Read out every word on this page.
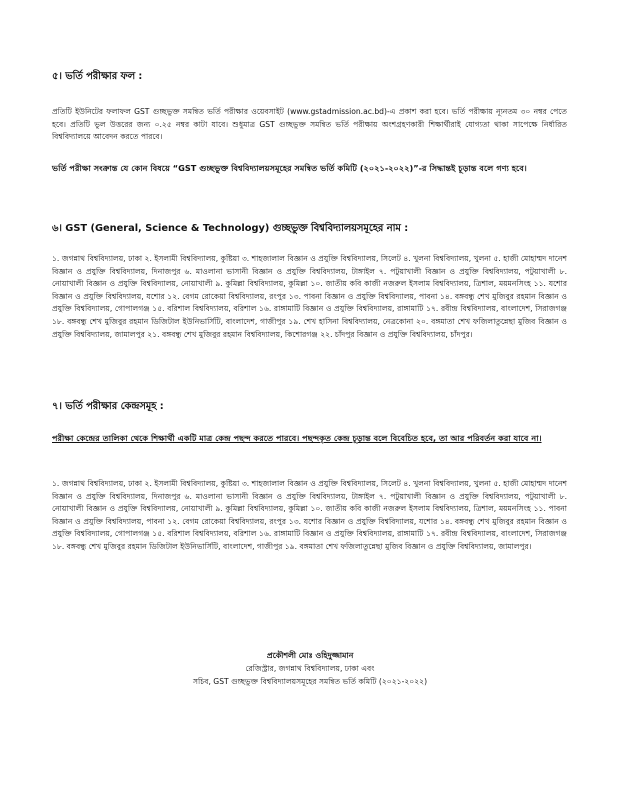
৫। ভর্তি পরীক্ষার ফল :

প্রতিটি ইউনিটের ফলাফল GST গুচ্ছভুক্ত সমন্বিত ভর্তি পরীক্ষার ওয়েবসাইট (www.gstadmission.ac.bd)-এ প্রকাশ করা হবে। ভর্তি পরীক্ষায় ন্যূনতম ৩০ নম্বর পেতে হবে। প্রতিটি ভুল উত্তরের জন্য ০.২৫ নম্বর কাটা যাবে। শুধুমাত্র GST গুচ্ছভুক্ত সমন্বিত ভর্তি পরীক্ষায় অংশগ্রহণকারী শিক্ষার্থীরাই যোগ্যতা থাকা সাপেক্ষে নির্ধারিত বিশ্ববিদ্যালয়ে আবেদন করতে পারবে।

ভর্তি পরীক্ষা সংক্রান্ত যে কোন বিষয়ে “GST গুচ্ছভুক্ত বিশ্ববিদ্যালয়সমূহের সমন্বিত ভর্তি কমিটি (২০২১-২০২২)”-র সিদ্ধান্তই চূড়ান্ত বলে গণ্য হবে।

৬। GST (General, Science & Technology) গুচ্ছভুক্ত বিশ্ববিদ্যালয়সমূহের নাম :

১. জগন্নাথ বিশ্ববিদ্যালয়, ঢাকা ২. ইসলামী বিশ্ববিদ্যালয়, কুষ্টিয়া ৩. শাহজালাল বিজ্ঞান ও প্রযুক্তি বিশ্ববিদ্যালয়, সিলেট ৪. খুলনা বিশ্ববিদ্যালয়, খুলনা ৫. হাজী মোহাম্মদ দানেশ বিজ্ঞান ও প্রযুক্তি বিশ্ববিদ্যালয়, দিনাজপুর ৬. মাওলানা ভাসানী বিজ্ঞান ও প্রযুক্তি বিশ্ববিদ্যালয়, টাঙ্গাইল ৭. পটুয়াখালী বিজ্ঞান ও প্রযুক্তি বিশ্ববিদ্যালয়, পটুয়াখালী ৮. নোয়াখালী বিজ্ঞান ও প্রযুক্তি বিশ্ববিদ্যালয়, নোয়াখালী ৯. কুমিল্লা বিশ্ববিদ্যালয়, কুমিল্লা ১০. জাতীয় কবি কাজী নজরুল ইসলাম বিশ্ববিদ্যালয়, ত্রিশাল, ময়মনসিংহ ১১. যশোর বিজ্ঞান ও প্রযুক্তি বিশ্ববিদ্যালয়, যশোর ১২. বেগম রোকেয়া বিশ্ববিদ্যালয়, রংপুর ১৩. পাবনা বিজ্ঞান ও প্রযুক্তি বিশ্ববিদ্যালয়, পাবনা ১৪. বঙ্গবন্ধু শেখ মুজিবুর রহমান বিজ্ঞান ও প্রযুক্তি বিশ্ববিদ্যালয়, গোপালগঞ্জ ১৫. বরিশাল বিশ্ববিদ্যালয়, বরিশাল ১৬. রাঙ্গামাটি বিজ্ঞান ও প্রযুক্তি বিশ্ববিদ্যালয়, রাঙ্গামাটি ১৭. রবীন্দ্র বিশ্ববিদ্যালয়, বাংলাদেশ, সিরাজগঞ্জ ১৮. বঙ্গবন্ধু শেখ মুজিবুর রহমান ডিজিটাল ইউনিভার্সিটি, বাংলাদেশ, গাজীপুর ১৯. শেখ হাসিনা বিশ্ববিদ্যালয়, নেত্রকোনা ২০. বঙ্গমাতা শেখ ফজিলাতুন্নেছা মুজিব বিজ্ঞান ও প্রযুক্তি বিশ্ববিদ্যালয়, জামালপুর ২১. বঙ্গবন্ধু শেখ মুজিবুর রহমান বিশ্ববিদ্যালয়, কিশোরগঞ্জ ২২. চাঁদপুর বিজ্ঞান ও প্রযুক্তি বিশ্ববিদ্যালয়, চাঁদপুর।

৭। ভর্তি পরীক্ষার কেন্দ্রসমূহ :

পরীক্ষা কেন্দ্রের তালিকা থেকে শিক্ষার্থী একটি মাত্র কেন্দ্র পছন্দ করতে পারবে। পছন্দকৃত কেন্দ্র চূড়ান্ত বলে বিবেচিত হবে, তা আর পরিবর্তন করা যাবে না।

১. জগন্নাথ বিশ্ববিদ্যালয়, ঢাকা ২. ইসলামী বিশ্ববিদ্যালয়, কুষ্টিয়া ৩. শাহজালাল বিজ্ঞান ও প্রযুক্তি বিশ্ববিদ্যালয়, সিলেট ৪. খুলনা বিশ্ববিদ্যালয়, খুলনা ৫. হাজী মোহাম্মদ দানেশ বিজ্ঞান ও প্রযুক্তি বিশ্ববিদ্যালয়, দিনাজপুর ৬. মাওলানা ভাসানী বিজ্ঞান ও প্রযুক্তি বিশ্ববিদ্যালয়, টাঙ্গাইল ৭. পটুয়াখালী বিজ্ঞান ও প্রযুক্তি বিশ্ববিদ্যালয়, পটুয়াখালী ৮. নোয়াখালী বিজ্ঞান ও প্রযুক্তি বিশ্ববিদ্যালয়, নোয়াখালী ৯. কুমিল্লা বিশ্ববিদ্যালয়, কুমিল্লা ১০. জাতীয় কবি কাজী নজরুল ইসলাম বিশ্ববিদ্যালয়, ত্রিশাল, ময়মনসিংহ ১১. পাবনা বিজ্ঞান ও প্রযুক্তি বিশ্ববিদ্যালয়, পাবনা ১২. বেগম রোকেয়া বিশ্ববিদ্যালয়, রংপুর ১৩. যশোর বিজ্ঞান ও প্রযুক্তি বিশ্ববিদ্যালয়, যশোর ১৪. বঙ্গবন্ধু শেখ মুজিবুর রহমান বিজ্ঞান ও প্রযুক্তি বিশ্ববিদ্যালয়, গোপালগঞ্জ ১৫. বরিশাল বিশ্ববিদ্যালয়, বরিশাল ১৬. রাঙ্গামাটি বিজ্ঞান ও প্রযুক্তি বিশ্ববিদ্যালয়, রাঙ্গামাটি ১৭. রবীন্দ্র বিশ্ববিদ্যালয়, বাংলাদেশ, সিরাজগঞ্জ ১৮. বঙ্গবন্ধু শেখ মুজিবুর রহমান ডিজিটাল ইউনিভার্সিটি, বাংলাদেশ, গাজীপুর ১৯. বঙ্গমাতা শেখ ফজিলাতুন্নেছা মুজিব বিজ্ঞান ও প্রযুক্তি বিশ্ববিদ্যালয়, জামালপুর।

প্রকৌশলী মোঃ ওহিদুজ্জামান

রেজিস্ট্রার, জগন্নাথ বিশ্ববিদ্যালয়, ঢাকা এবং

সচিব, GST গুচ্ছভুক্ত বিশ্ববিদ্যালয়সমূহের সমন্বিত ভর্তি কমিটি (২০২১-২০২২)
